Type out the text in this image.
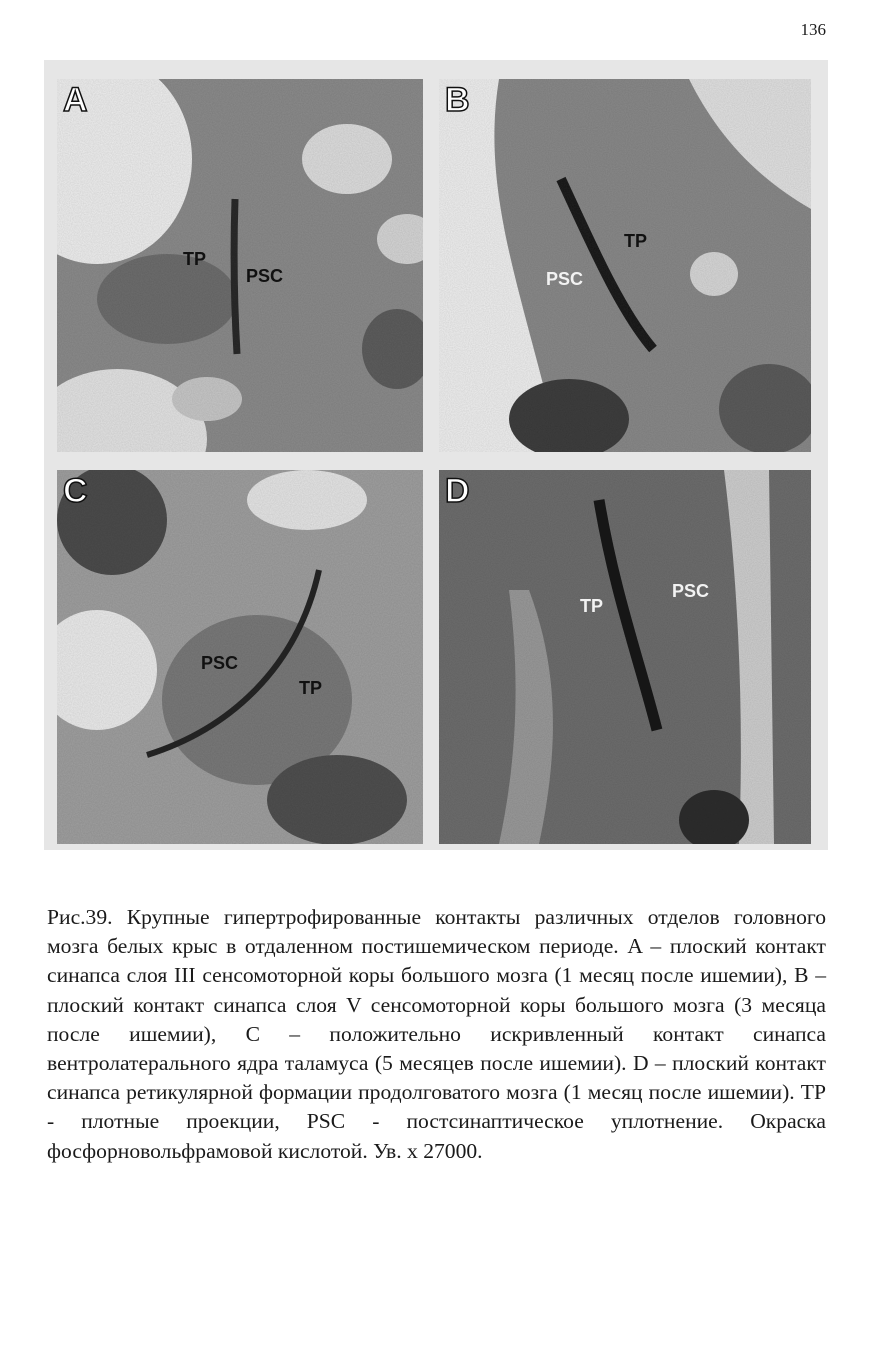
136
A
TP
PSC
B
TP
PSC
C
PSC
TP
D
TP
PSC

Рис.39. Крупные гипертрофированные контакты различных отделов головного мозга белых крыс в отдаленном постишемическом периоде. A – плоский контакт синапса слоя III сенсомоторной коры большого мозга (1 месяц после ишемии), B – плоский контакт синапса слоя V сенсомоторной коры большого мозга (3 месяца после ишемии), C – положительно искривленный контакт синапса вентролатерального ядра таламуса (5 месяцев после ишемии). D – плоский контакт синапса ретикулярной формации продолговатого мозга (1 месяц после ишемии). TP - плотные проекции, PSC - постсинаптическое уплотнение. Окраска фосфорновольфрамовой кислотой. Ув. х 27000.
